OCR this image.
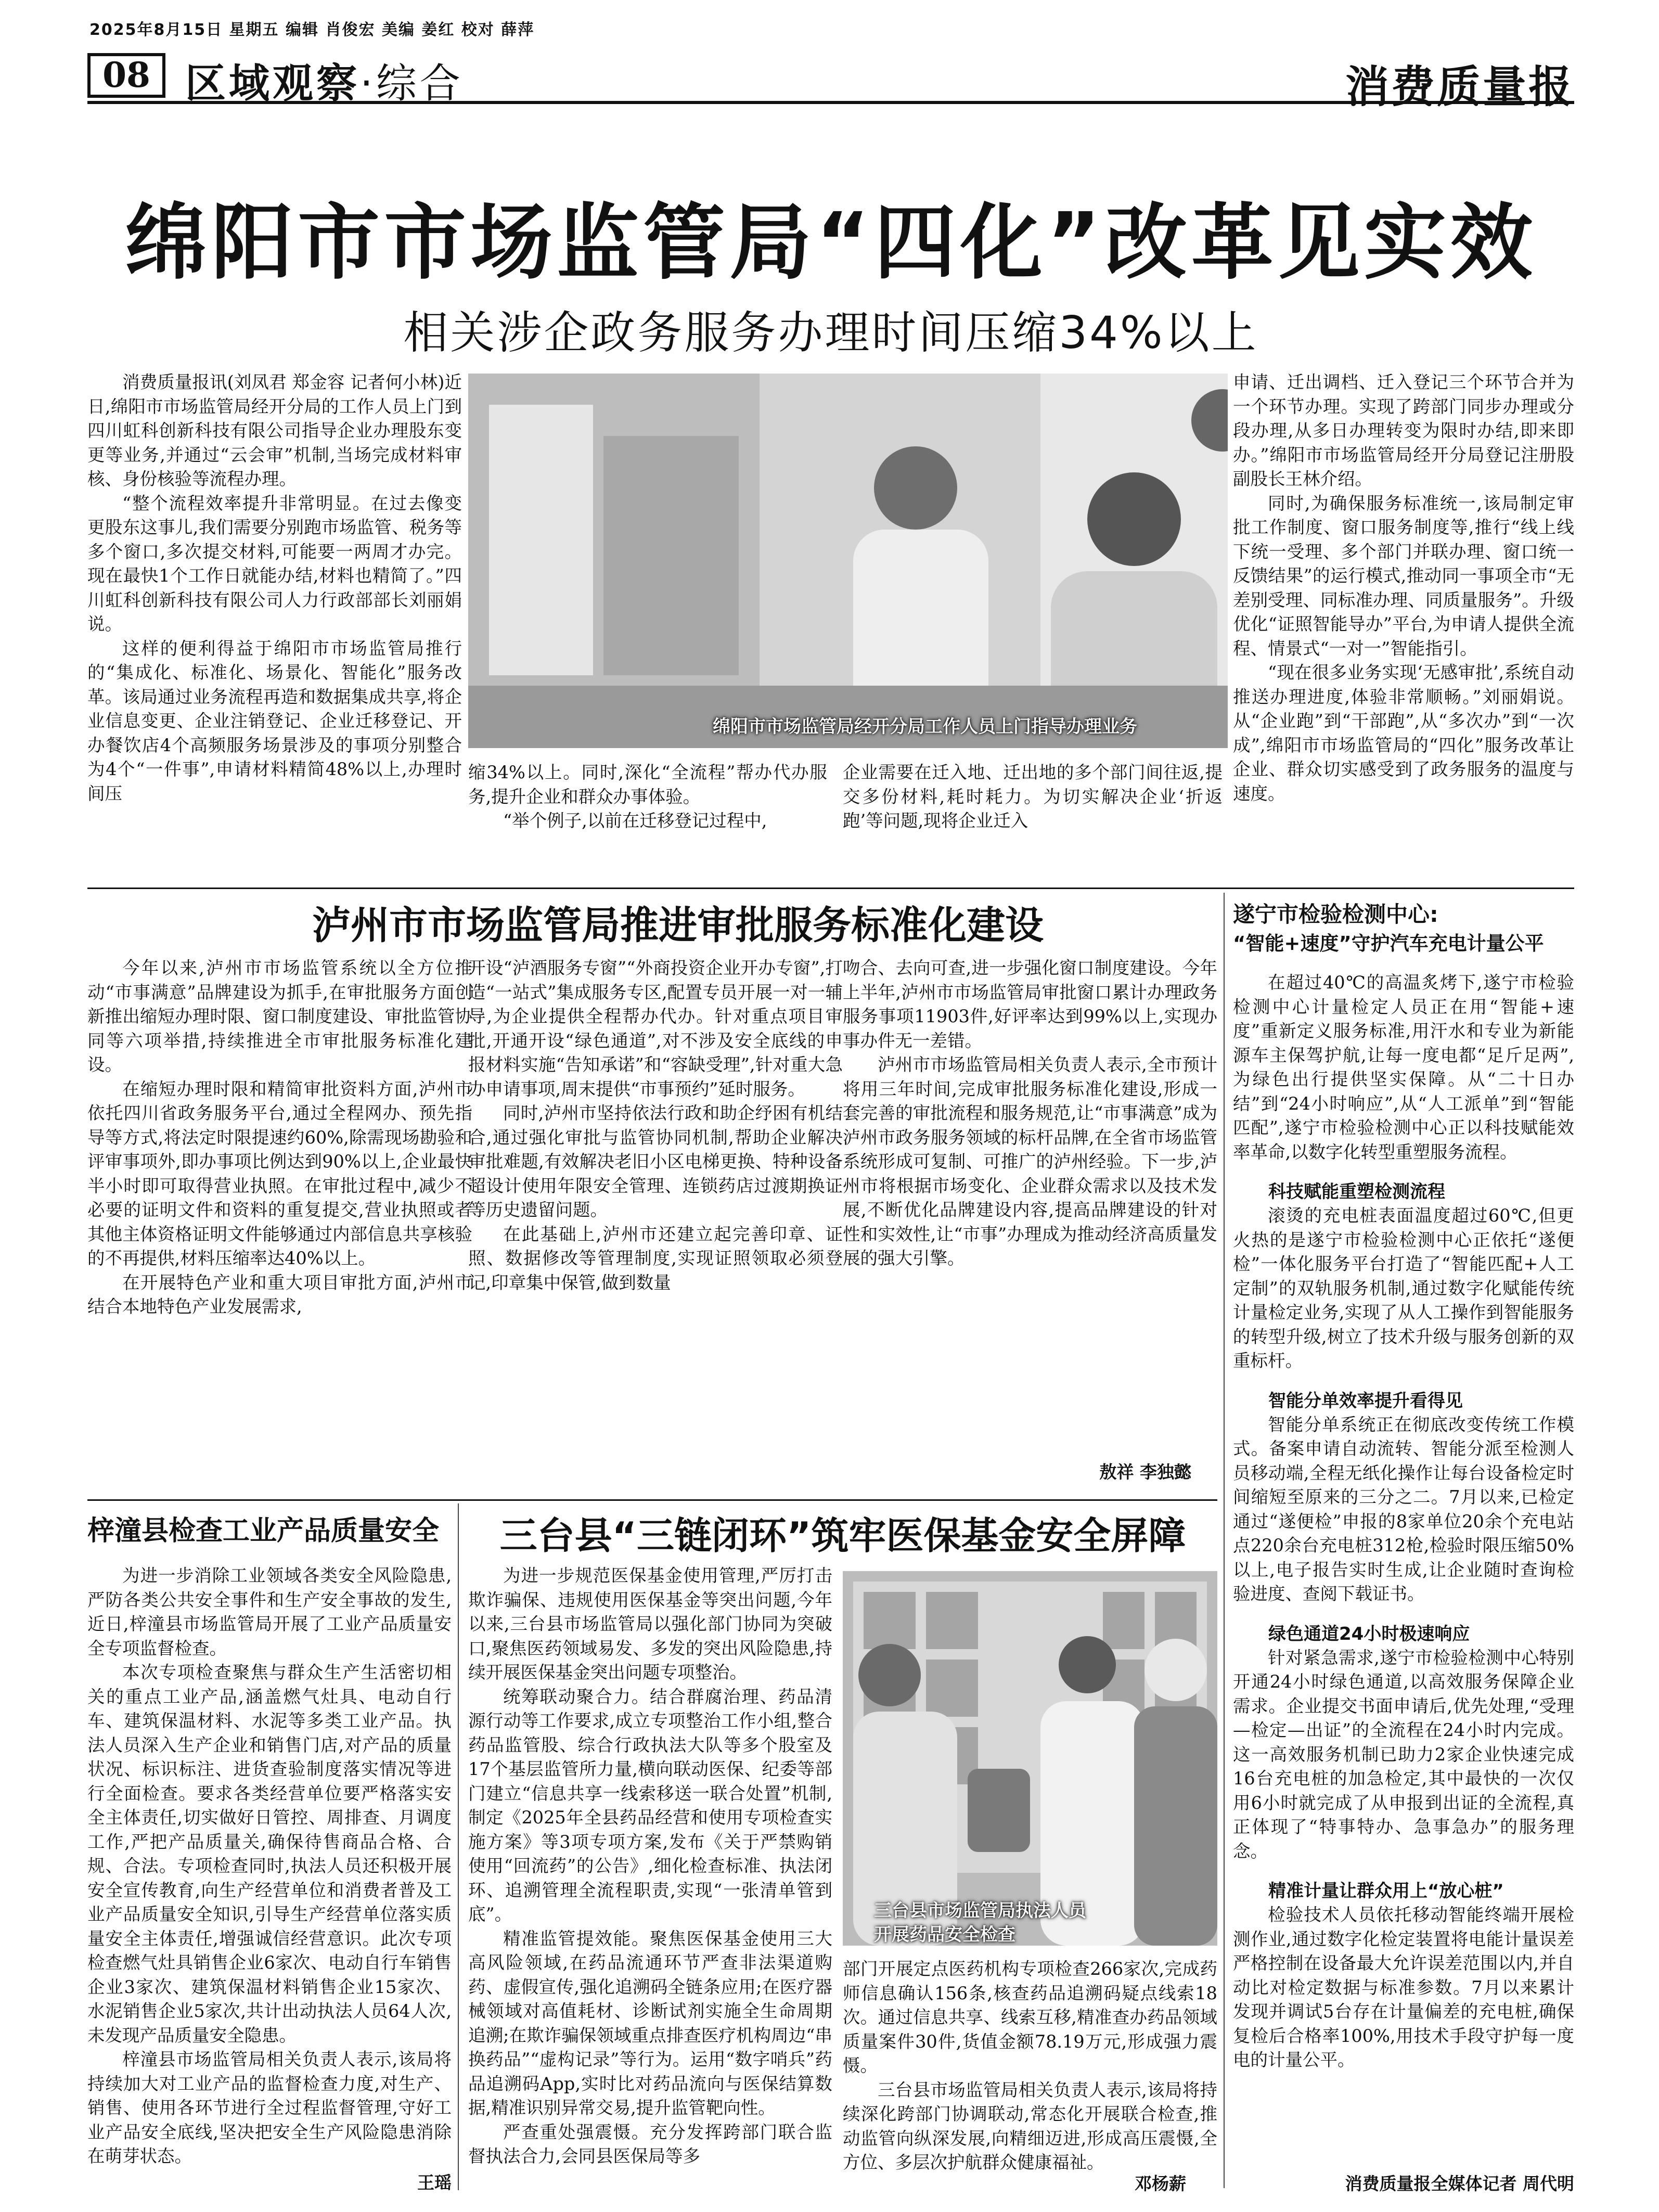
2025年8月15日 星期五 编辑 肖俊宏 美编 姜红 校对 薛萍
08 区域观察·综合	消费质量报
绵阳市市场监管局“四化”改革见实效
相关涉企政务服务办理时间压缩34%以上

消费质量报讯(刘凤君 郑金容 记者何小林)近日,绵阳市市场监管局经开分局的工作人员上门到四川虹科创新科技有限公司指导企业办理股东变更等业务,并通过“云会审”机制,当场完成材料审核、身份核验等流程办理。

“整个流程效率提升非常明显。在过去像变更股东这事儿,我们需要分别跑市场监管、税务等多个窗口,多次提交材料,可能要一两周才办完。现在最快1个工作日就能办结,材料也精简了。”四川虹科创新科技有限公司人力行政部部长刘丽娟说。

这样的便利得益于绵阳市市场监管局推行的“集成化、标准化、场景化、智能化”服务改革。该局通过业务流程再造和数据集成共享,将企业信息变更、企业注销登记、企业迁移登记、开办餐饮店4个高频服务场景涉及的事项分别整合为4个“一件事”,申请材料精简48%以上,办理时间压

绵阳市市场监管局经开分局工作人员上门指导办理业务

缩34%以上。同时,深化“全流程”帮办代办服务,提升企业和群众办事体验。

“举个例子,以前在迁移登记过程中,

企业需要在迁入地、迁出地的多个部门间往返,提交多份材料,耗时耗力。为切实解决企业‘折返跑’等问题,现将企业迁入

申请、迁出调档、迁入登记三个环节合并为一个环节办理。实现了跨部门同步办理或分段办理,从多日办理转变为限时办结,即来即办。”绵阳市市场监管局经开分局登记注册股副股长王林介绍。

同时,为确保服务标准统一,该局制定审批工作制度、窗口服务制度等,推行“线上线下统一受理、多个部门并联办理、窗口统一反馈结果”的运行模式,推动同一事项全市“无差别受理、同标准办理、同质量服务”。升级优化“证照智能导办”平台,为申请人提供全流程、情景式“一对一”智能指引。

“现在很多业务实现‘无感审批’,系统自动推送办理进度,体验非常顺畅。”刘丽娟说。从“企业跑”到“干部跑”,从“多次办”到“一次成”,绵阳市市场监管局的“四化”服务改革让企业、群众切实感受到了政务服务的温度与速度。

泸州市市场监管局推进审批服务标准化建设

今年以来,泸州市市场监管系统以全方位推动“市事满意”品牌建设为抓手,在审批服务方面创新推出缩短办理时限、窗口制度建设、审批监管协同等六项举措,持续推进全市审批服务标准化建设。

在缩短办理时限和精简审批资料方面,泸州市依托四川省政务服务平台,通过全程网办、预先指导等方式,将法定时限提速约60%,除需现场勘验和评审事项外,即办事项比例达到90%以上,企业最快半小时即可取得营业执照。在审批过程中,减少不必要的证明文件和资料的重复提交,营业执照或者其他主体资格证明文件能够通过内部信息共享核验的不再提供,材料压缩率达40%以上。

在开展特色产业和重大项目审批方面,泸州市结合本地特色产业发展需求,

开设“泸酒服务专窗”“外商投资企业开办专窗”,打造“一站式”集成服务专区,配置专员开展一对一辅导,为企业提供全程帮办代办。针对重点项目审批,开通开设“绿色通道”,对不涉及安全底线的申报材料实施“告知承诺”和“容缺受理”,针对重大急办申请事项,周末提供“市事预约”延时服务。

同时,泸州市坚持依法行政和助企纾困有机结合,通过强化审批与监管协同机制,帮助企业解决审批难题,有效解决老旧小区电梯更换、特种设备超设计使用年限安全管理、连锁药店过渡期换证等历史遗留问题。

在此基础上,泸州市还建立起完善印章、证照、数据修改等管理制度,实现证照领取必须登记,印章集中保管,做到数量

吻合、去向可查,进一步强化窗口制度建设。今年上半年,泸州市市场监管局审批窗口累计办理政务服务事项11903件,好评率达到99%以上,实现办事办件无一差错。

泸州市市场监管局相关负责人表示,全市预计将用三年时间,完成审批服务标准化建设,形成一套完善的审批流程和服务规范,让“市事满意”成为泸州市政务服务领域的标杆品牌,在全省市场监管系统形成可复制、可推广的泸州经验。下一步,泸州市将根据市场变化、企业群众需求以及技术发展,不断优化品牌建设内容,提高品牌建设的针对性和实效性,让“市事”办理成为推动经济高质量发展的强大引擎。

敖祥 李独懿
遂宁市检验检测中心:
“智能+速度”守护汽车充电计量公平

在超过40℃的高温炙烤下,遂宁市检验检测中心计量检定人员正在用“智能+速度”重新定义服务标准,用汗水和专业为新能源车主保驾护航,让每一度电都“足斤足两”,为绿色出行提供坚实保障。从“二十日办结”到“24小时响应”,从“人工派单”到“智能匹配”,遂宁市检验检测中心正以科技赋能效率革命,以数字化转型重塑服务流程。

科技赋能重塑检测流程

滚烫的充电桩表面温度超过60℃,但更火热的是遂宁市检验检测中心正依托“遂便检”一体化服务平台打造了“智能匹配+人工定制”的双轨服务机制,通过数字化赋能传统计量检定业务,实现了从人工操作到智能服务的转型升级,树立了技术升级与服务创新的双重标杆。

智能分单效率提升看得见

智能分单系统正在彻底改变传统工作模式。备案申请自动流转、智能分派至检测人员移动端,全程无纸化操作让每台设备检定时间缩短至原来的三分之二。7月以来,已检定通过“遂便检”申报的8家单位20余个充电站点220余台充电桩312枪,检验时限压缩50%以上,电子报告实时生成,让企业随时查询检验进度、查阅下载证书。

绿色通道24小时极速响应

针对紧急需求,遂宁市检验检测中心特别开通24小时绿色通道,以高效服务保障企业需求。企业提交书面申请后,优先处理,“受理—检定—出证”的全流程在24小时内完成。这一高效服务机制已助力2家企业快速完成16台充电桩的加急检定,其中最快的一次仅用6小时就完成了从申报到出证的全流程,真正体现了“特事特办、急事急办”的服务理念。

精准计量让群众用上“放心桩”

检验技术人员依托移动智能终端开展检测作业,通过数字化检定装置将电能计量误差严格控制在设备最大允许误差范围以内,并自动比对检定数据与标准参数。7月以来累计发现并调试5台存在计量偏差的充电桩,确保复检后合格率100%,用技术手段守护每一度电的计量公平。

消费质量报全媒体记者 周代明
梓潼县检查工业产品质量安全

为进一步消除工业领域各类安全风险隐患,严防各类公共安全事件和生产安全事故的发生,近日,梓潼县市场监管局开展了工业产品质量安全专项监督检查。

本次专项检查聚焦与群众生产生活密切相关的重点工业产品,涵盖燃气灶具、电动自行车、建筑保温材料、水泥等多类工业产品。执法人员深入生产企业和销售门店,对产品的质量状况、标识标注、进货查验制度落实情况等进行全面检查。要求各类经营单位要严格落实安全主体责任,切实做好日管控、周排查、月调度工作,严把产品质量关,确保待售商品合格、合规、合法。专项检查同时,执法人员还积极开展安全宣传教育,向生产经营单位和消费者普及工业产品质量安全知识,引导生产经营单位落实质量安全主体责任,增强诚信经营意识。此次专项检查燃气灶具销售企业6家次、电动自行车销售企业3家次、建筑保温材料销售企业15家次、水泥销售企业5家次,共计出动执法人员64人次,未发现产品质量安全隐患。

梓潼县市场监管局相关负责人表示,该局将持续加大对工业产品的监督检查力度,对生产、销售、使用各环节进行全过程监督管理,守好工业产品安全底线,坚决把安全生产风险隐患消除在萌芽状态。

王瑶
三台县“三链闭环”筑牢医保基金安全屏障

为进一步规范医保基金使用管理,严厉打击欺诈骗保、违规使用医保基金等突出问题,今年以来,三台县市场监管局以强化部门协同为突破口,聚焦医药领域易发、多发的突出风险隐患,持续开展医保基金突出问题专项整治。

统筹联动聚合力。结合群腐治理、药品清源行动等工作要求,成立专项整治工作小组,整合药品监管股、综合行政执法大队等多个股室及17个基层监管所力量,横向联动医保、纪委等部门建立“信息共享一线索移送一联合处置”机制,制定《2025年全县药品经营和使用专项检查实施方案》等3项专项方案,发布《关于严禁购销使用“回流药”的公告》,细化检查标准、执法闭环、追溯管理全流程职责,实现“一张清单管到底”。

精准监管提效能。聚焦医保基金使用三大高风险领域,在药品流通环节严查非法渠道购药、虚假宣传,强化追溯码全链条应用;在医疗器械领域对高值耗材、诊断试剂实施全生命周期追溯;在欺诈骗保领域重点排查医疗机构周边“串换药品”“虚构记录”等行为。运用“数字哨兵”药品追溯码App,实时比对药品流向与医保结算数据,精准识别异常交易,提升监管靶向性。

严查重处强震慑。充分发挥跨部门联合监督执法合力,会同县医保局等多

三台县市场监管局执法人员
开展药品安全检查

部门开展定点医药机构专项检查266家次,完成药师信息确认156条,核查药品追溯码疑点线索18次。通过信息共享、线索互移,精准查办药品领域质量案件30件,货值金额78.19万元,形成强力震慑。

三台县市场监管局相关负责人表示,该局将持续深化跨部门协调联动,常态化开展联合检查,推动监管向纵深发展,向精细迈进,形成高压震慑,全方位、多层次护航群众健康福祉。

邓杨薪
